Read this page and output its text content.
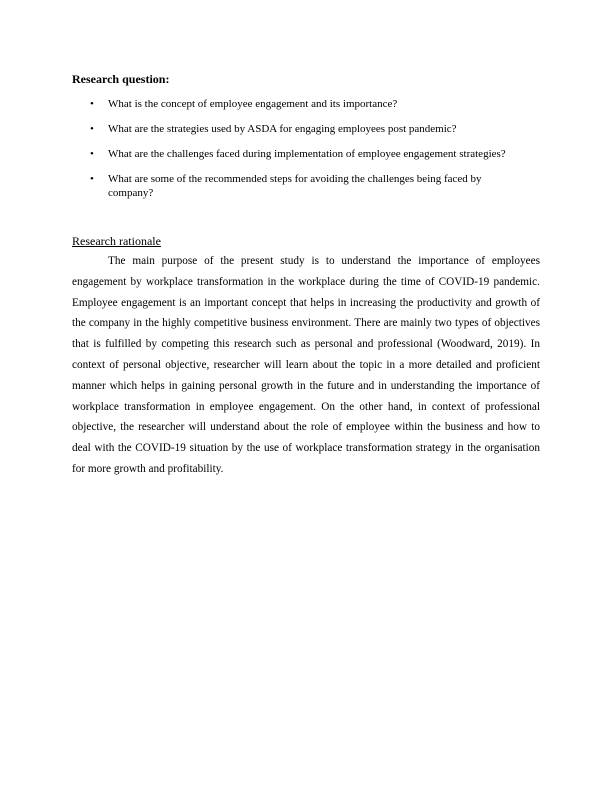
Research question:
• What is the concept of employee engagement and its importance?
• What are the strategies used by ASDA for engaging employees post pandemic?
• What are the challenges faced during implementation of employee engagement strategies?
• What are some of the recommended steps for avoiding the challenges being faced by company?
Research rationale

The main purpose of the present study is to understand the importance of employees engagement by workplace transformation in the workplace during the time of COVID-19 pandemic. Employee engagement is an important concept that helps in increasing the productivity and growth of the company in the highly competitive business environment. There are mainly two types of objectives that is fulfilled by competing this research such as personal and professional (Woodward, 2019). In context of personal objective, researcher will learn about the topic in a more detailed and proficient manner which helps in gaining personal growth in the future and in understanding the importance of workplace transformation in employee engagement. On the other hand, in context of professional objective, the researcher will understand about the role of employee within the business and how to deal with the COVID-19 situation by the use of workplace transformation strategy in the organisation for more growth and profitability.
